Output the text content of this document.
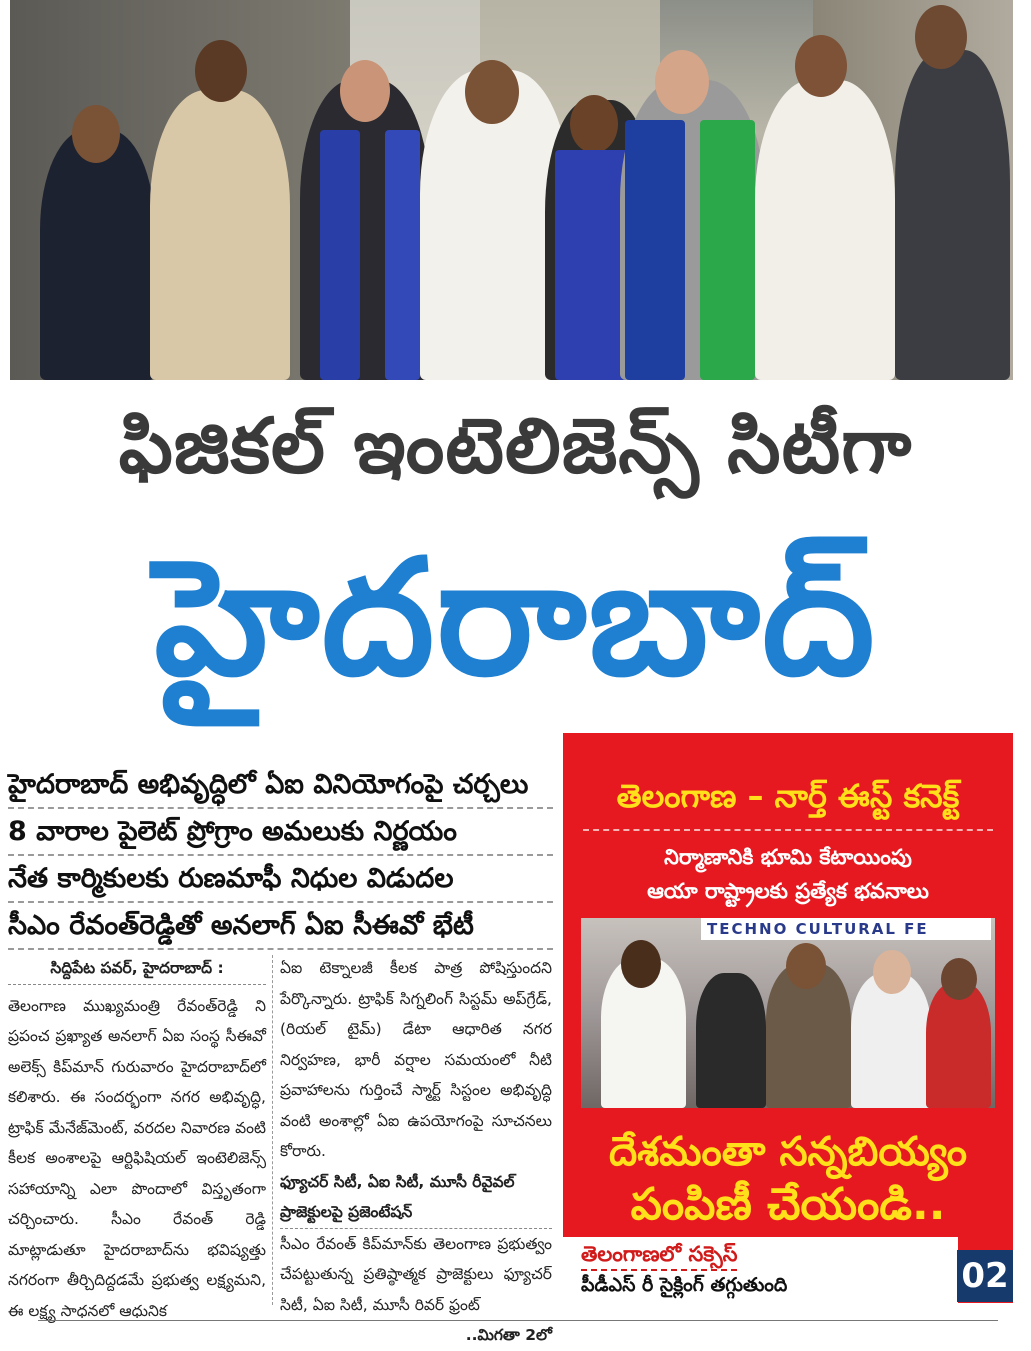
ఫిజికల్ ఇంటెలిజెన్స్ సిటీగా
హైదరాబాద్
హైదరాబాద్ అభివృద్ధిలో ఏఐ వినియోగంపై చర్చలు
8 వారాల పైలెట్ ప్రోగ్రాం అమలుకు నిర్ణయం
నేత కార్మికులకు రుణమాఫీ నిధుల విడుదల
సీఎం రేవంత్‌రెడ్డితో అనలాగ్ ఏఐ సీఈవో భేటీ
సిద్దిపేట పవర్, హైదరాబాద్ :

తెలంగాణ ముఖ్యమంత్రి రేవంత్‌రెడ్డి ని ప్రపంచ ప్రఖ్యాత అనలాగ్ ఏఐ సంస్థ సీఈవో అలెక్స్ కిప్‌మాన్ గురువారం హైదరాబాద్‌లో కలిశారు. ఈ సందర్భంగా నగర అభివృద్ధి, ట్రాఫిక్ మేనేజ్‌మెంట్, వరదల నివారణ వంటి కీలక అంశాలపై ఆర్టిఫిషియల్ ఇంటెలిజెన్స్ సహాయాన్ని ఎలా పొందాలో విస్తృతంగా చర్చించారు. సీఎం రేవంత్ రెడ్డి మాట్లాడుతూ హైదరాబాద్‌ను భవిష్యత్తు నగరంగా తీర్చిదిద్దడమే ప్రభుత్వ లక్ష్యమని, ఈ లక్ష్య సాధనలో ఆధునిక

ఏఐ టెక్నాలజీ కీలక పాత్ర పోషిస్తుందని పేర్కొన్నారు. ట్రాఫిక్ సిగ్నలింగ్ సిస్టమ్ అప్‌గ్రేడ్, (రియల్ టైమ్) డేటా ఆధారిత నగర నిర్వహణ, భారీ వర్షాల సమయంలో నీటి ప్రవాహాలను గుర్తించే స్మార్ట్ సిస్టంల అభివృద్ధి వంటి అంశాల్లో ఏఐ ఉపయోగంపై సూచనలు కోరారు.

ఫ్యూచర్ సిటీ, ఏఐ సిటీ, మూసీ రీవైవల్ ప్రాజెక్టులపై ప్రజెంటేషన్

సీఎం రేవంత్ కిప్‌మాన్‌కు తెలంగాణ ప్రభుత్వం చేపట్టుతున్న ప్రతిష్ఠాత్మక ప్రాజెక్టులు ఫ్యూచర్ సిటీ, ఏఐ సిటీ, మూసీ రివర్ ఫ్రంట్

..మిగతా 2లో
తెలంగాణ – నార్త్ ఈస్ట్ కనెక్ట్
నిర్మాణానికి భూమి కేటాయింపు
ఆయా రాష్ట్రాలకు ప్రత్యేక భవనాలు
TECHNO CULTURAL FE
దేశమంతా సన్నబియ్యం
పంపిణీ చేయండి..
తెలంగాణలో సక్సెస్
పీడీఎస్ రీ సైక్లింగ్ తగ్గుతుంది	02
